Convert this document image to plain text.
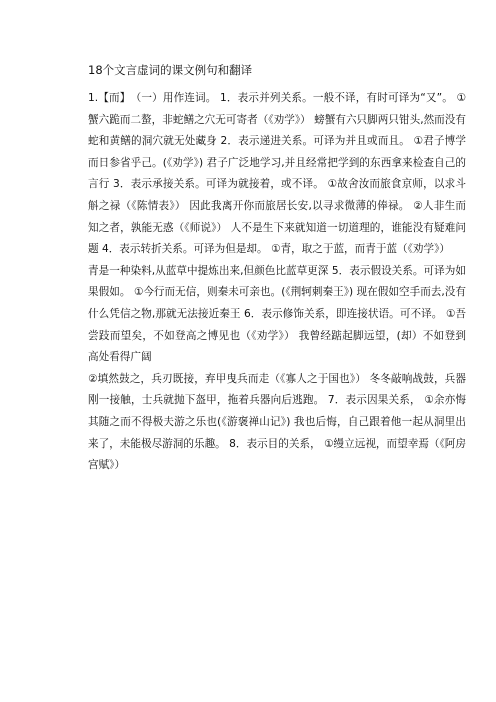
18个文言虚词的课文例句和翻译
1.【而】　（一）用作连词。 1．表示并列关系。一般不译，有时可译为“又”。 ①蟹六跪而二螯，非蛇鳝之穴无可寄者（《劝学》） 螃蟹有六只脚两只钳头,然而没有蛇和黄鳝的洞穴就无处藏身 2．表示递进关系。可译为并且或而且。 ①君子博学而日参省乎己。(《劝学》) 君子广泛地学习,并且经常把学到的东西拿来检查自己的言行 3．表示承接关系。可译为就接着，或不译。 ①故舍汝而旅食京师，以求斗斛之禄（《陈情表》） 因此我离开你而旅居长安,以寻求微薄的俸禄。 ②人非生而知之者，孰能无惑（《师说》） 人不是生下来就知道一切道理的，谁能没有疑难问题 4．表示转折关系。可译为但是却。 ①青，取之于蓝，而青于蓝（《劝学》）
青是一种染料,从蓝草中提炼出来,但颜色比蓝草更深 5．表示假设关系。可译为如果假如。 ①今行而无信，则秦未可亲也。(《荆轲刺秦王》) 现在假如空手而去,没有什么凭信之物,那就无法接近秦王 6．表示修饰关系，即连接状语。可不译。 ①吾尝跂而望矣，不如登高之博见也（《劝学》） 我曾经踮起脚远望，(却）不如登到高处看得广阔
②填然鼓之，兵刃既接，弃甲曳兵而走（《寡人之于国也》） 冬冬敲响战鼓，兵器刚一接触，士兵就抛下盔甲，拖着兵器向后逃跑。 7．表示因果关系， ①余亦悔其随之而不得极夫游之乐也(《游褒禅山记》) 我也后悔，自己跟着他一起从洞里出来了，未能极尽游洞的乐趣。 8．表示目的关系， ①缦立远视，而望幸焉（《阿房宫赋》）
